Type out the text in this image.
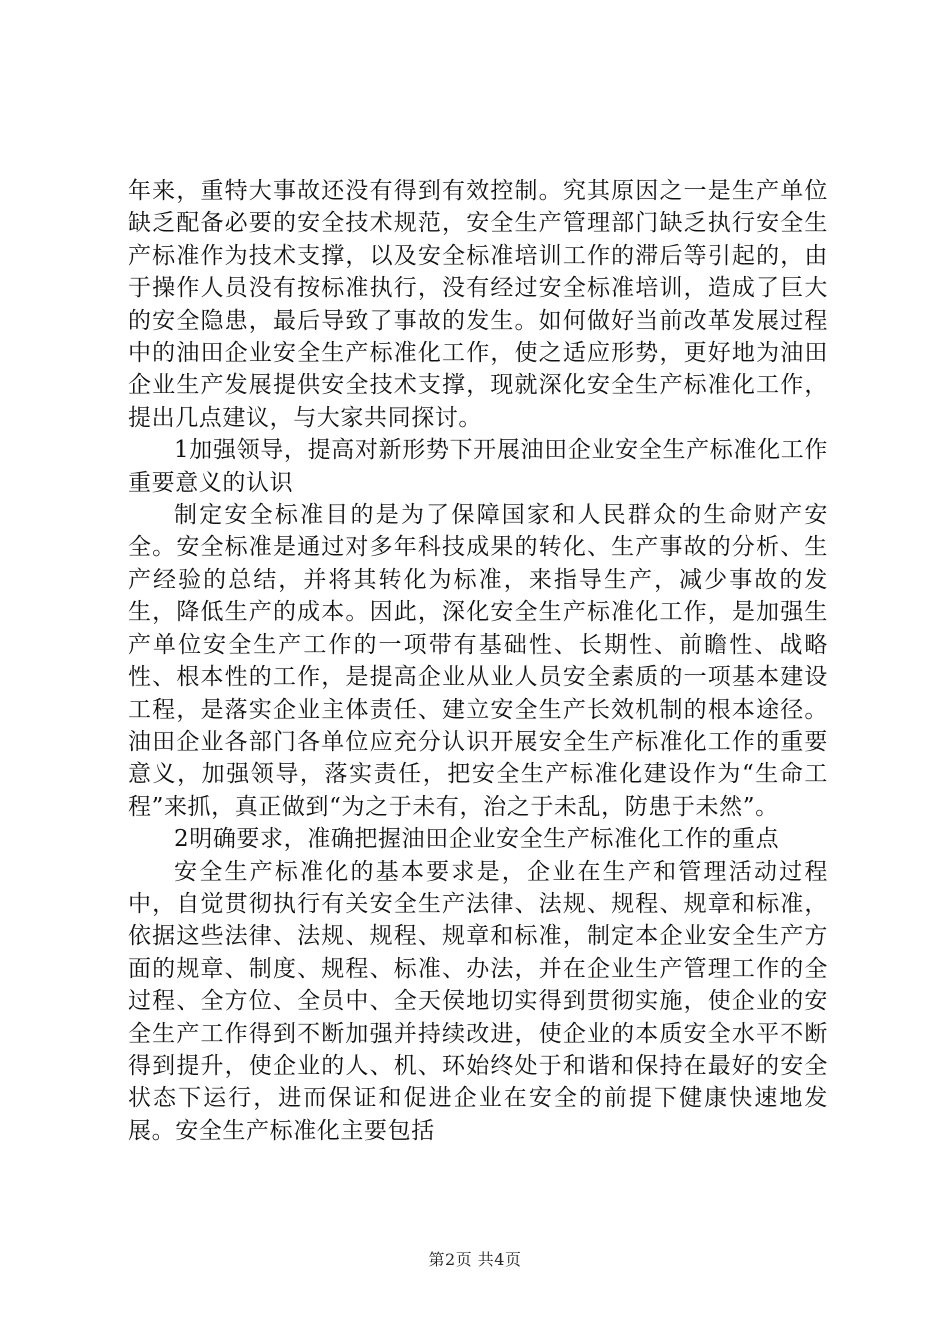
年来，重特大事故还没有得到有效控制。究其原因之一是生产单位缺乏配备必要的安全技术规范，安全生产管理部门缺乏执行安全生产标准作为技术支撑，以及安全标准培训工作的滞后等引起的，由于操作人员没有按标准执行，没有经过安全标准培训，造成了巨大的安全隐患，最后导致了事故的发生。如何做好当前改革发展过程中的油田企业安全生产标准化工作，使之适应形势，更好地为油田企业生产发展提供安全技术支撑，现就深化安全生产标准化工作，提出几点建议，与大家共同探讨。

1加强领导，提高对新形势下开展油田企业安全生产标准化工作重要意义的认识

制定安全标准目的是为了保障国家和人民群众的生命财产安全。安全标准是通过对多年科技成果的转化、生产事故的分析、生产经验的总结，并将其转化为标准，来指导生产，减少事故的发生，降低生产的成本。因此，深化安全生产标准化工作，是加强生产单位安全生产工作的一项带有基础性、长期性、前瞻性、战略性、根本性的工作，是提高企业从业人员安全素质的一项基本建设工程，是落实企业主体责任、建立安全生产长效机制的根本途径。油田企业各部门各单位应充分认识开展安全生产标准化工作的重要意义，加强领导，落实责任，把安全生产标准化建设作为“生命工程”来抓，真正做到“为之于未有，治之于未乱，防患于未然”。

2明确要求，准确把握油田企业安全生产标准化工作的重点

安全生产标准化的基本要求是，企业在生产和管理活动过程中，自觉贯彻执行有关安全生产法律、法规、规程、规章和标准，依据这些法律、法规、规程、规章和标准，制定本企业安全生产方面的规章、制度、规程、标准、办法，并在企业生产管理工作的全过程、全方位、全员中、全天侯地切实得到贯彻实施，使企业的安全生产工作得到不断加强并持续改进，使企业的本质安全水平不断得到提升，使企业的人、机、环始终处于和谐和保持在最好的安全状态下运行，进而保证和促进企业在安全的前提下健康快速地发展。安全生产标准化主要包括

第2页 共4页
